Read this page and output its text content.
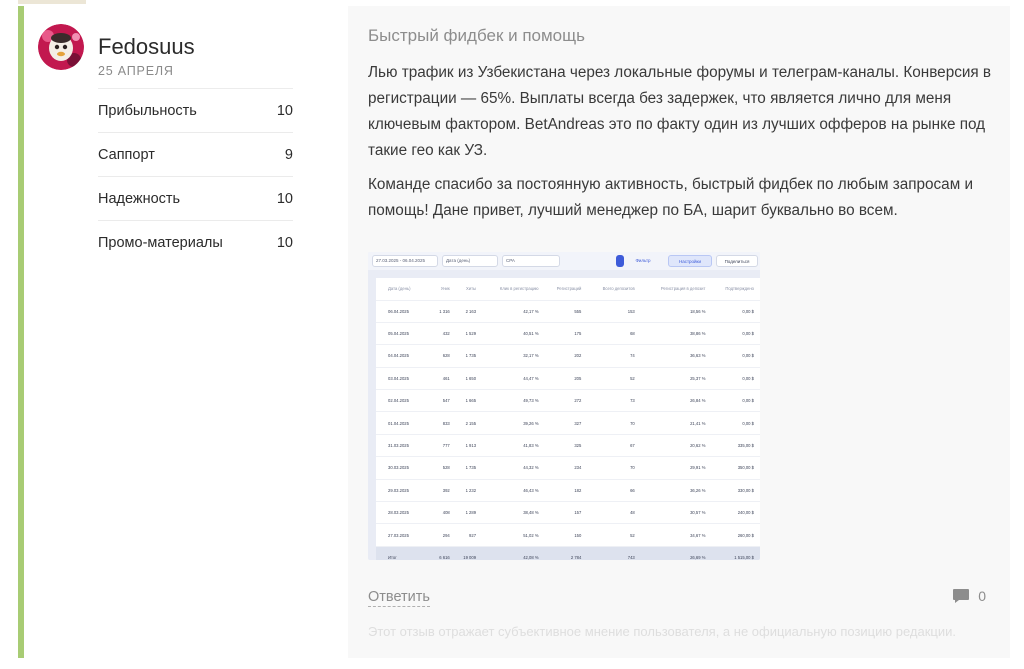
Fedosuus
25 АПРЕЛЯ
Прибыльность	10
Саппорт	9
Надежность	10
Промо-материалы	10
Быстрый фидбек и помощь

Лью трафик из Узбекистана через локальные форумы и телеграм-каналы. Конверсия в регистрации — 65%. Выплаты всегда без задержек, что является лично для меня ключевым фактором. BetAndreas это по факту один из лучших офферов на рынке под такие гео как УЗ.

Команде спасибо за постоянную активность, быстрый фидбек по любым запросам и помощь! Дане привет, лучший менеджер по БА, шарит буквально во всем.

27.03.2025 - 06.04.2025	Дата (день)	CPA	Фильтр	Настройки	Поделиться
Дата (день)	Уник	Хиты	Клик в регистрацию	Регистраций	Всего депозитов	Регистрация в депозит	Подтверждено
06.04.2025	1 316	2 163	42,17 %	555	153	18,56 %	0,00 $
05.04.2025	432	1 529	40,51 %	175	68	38,86 %	0,00 $
04.04.2025	628	1 735	32,17 %	202	74	36,63 %	0,00 $
03.04.2025	461	1 650	44,47 %	205	52	25,37 %	0,00 $
02.04.2025	547	1 665	49,73 %	272	73	26,84 %	0,00 $
01.04.2025	833	2 155	39,26 %	327	70	21,41 %	0,00 $
31.03.2025	777	1 913	41,83 %	325	67	20,62 %	335,00 $
30.03.2025	528	1 735	44,32 %	234	70	29,91 %	350,00 $
29.03.2025	392	1 232	46,43 %	182	66	36,26 %	330,00 $
28.03.2025	408	1 289	38,48 %	157	48	30,57 %	240,00 $
27.03.2025	294	927	51,02 %	150	52	34,67 %	260,00 $
Итог	6 616	19 009	42,08 %	2 784	743	26,69 %	1 515,00 $
Ответить	0
Этот отзыв отражает субъективное мнение пользователя, а не официальную позицию редакции.
